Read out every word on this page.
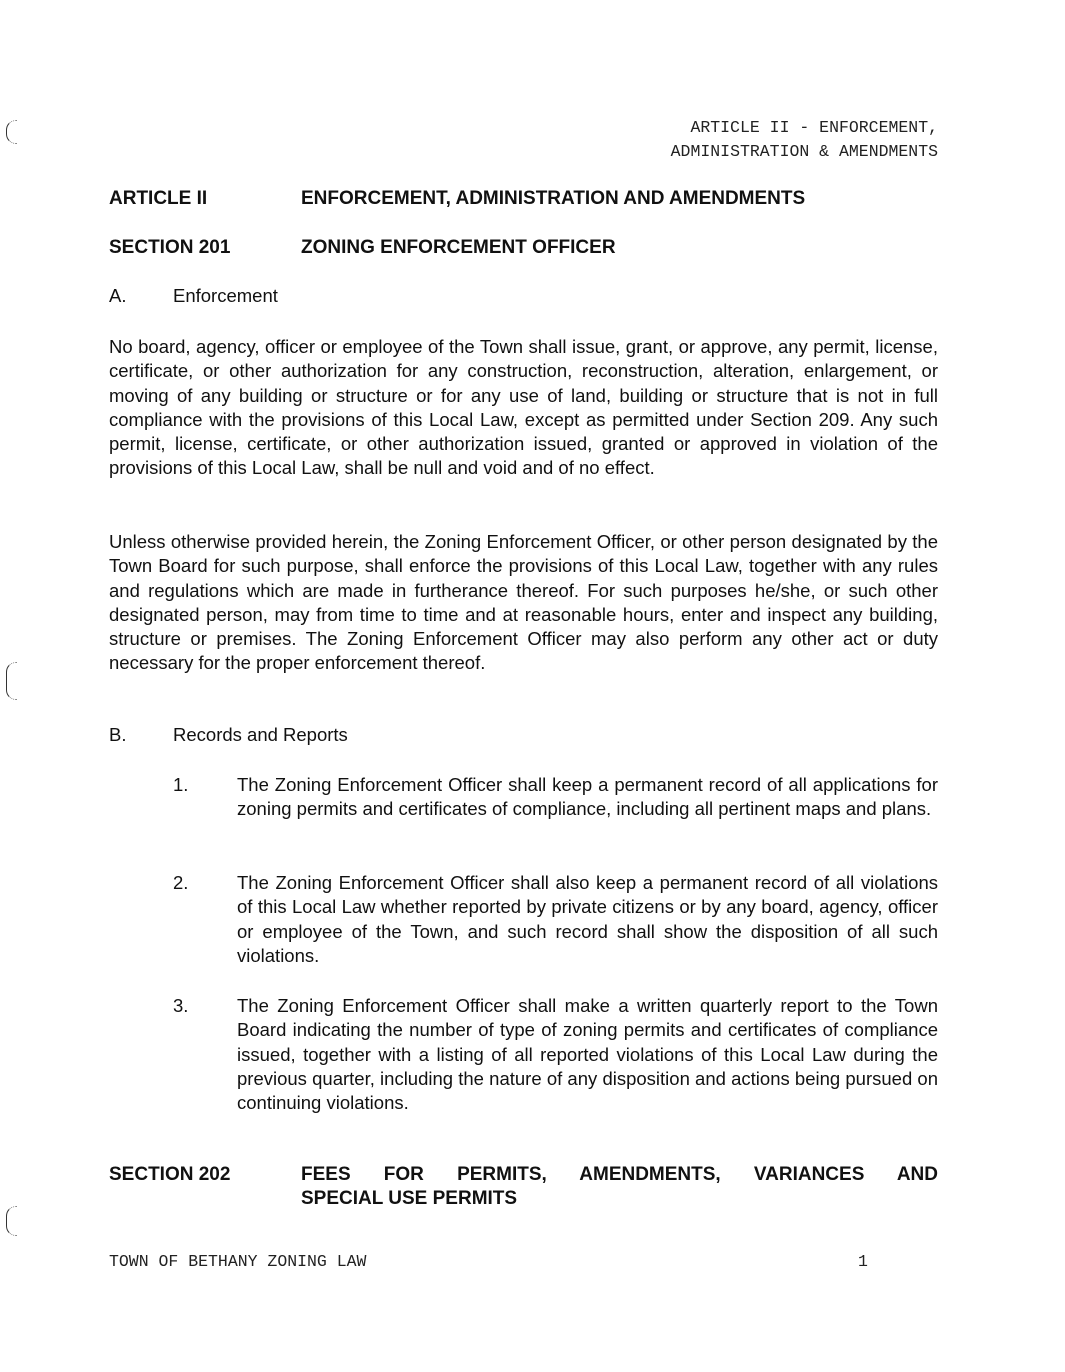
ARTICLE II - ENFORCEMENT,
ADMINISTRATION & AMENDMENTS
ARTICLE II	ENFORCEMENT, ADMINISTRATION AND AMENDMENTS
SECTION 201	ZONING ENFORCEMENT OFFICER
A.	Enforcement
No board, agency, officer or employee of the Town shall issue, grant, or approve, any permit, license, certificate, or other authorization for any construction, reconstruction, alteration, enlargement, or moving of any building or structure or for any use of land, building or structure that is not in full compliance with the provisions of this Local Law, except as permitted under Section 209. Any such permit, license, certificate, or other authorization issued, granted or approved in violation of the provisions of this Local Law, shall be null and void and of no effect.
Unless otherwise provided herein, the Zoning Enforcement Officer, or other person designated by the Town Board for such purpose, shall enforce the provisions of this Local Law, together with any rules and regulations which are made in furtherance thereof. For such purposes he/she, or such other designated person, may from time to time and at reasonable hours, enter and inspect any building, structure or premises. The Zoning Enforcement Officer may also perform any other act or duty necessary for the proper enforcement thereof.
B.	Records and Reports
1.	The Zoning Enforcement Officer shall keep a permanent record of all applications for zoning permits and certificates of compliance, including all pertinent maps and plans.
2.	The Zoning Enforcement Officer shall also keep a permanent record of all violations of this Local Law whether reported by private citizens or by any board, agency, officer or employee of the Town, and such record shall show the disposition of all such violations.
3.	The Zoning Enforcement Officer shall make a written quarterly report to the Town Board indicating the number of type of zoning permits and certificates of compliance issued, together with a listing of all reported violations of this Local Law during the previous quarter, including the nature of any disposition and actions being pursued on continuing violations.
SECTION 202	FEES FOR PERMITS, AMENDMENTS, VARIANCES AND
SPECIAL USE PERMITS
TOWN OF BETHANY ZONING LAW	1
